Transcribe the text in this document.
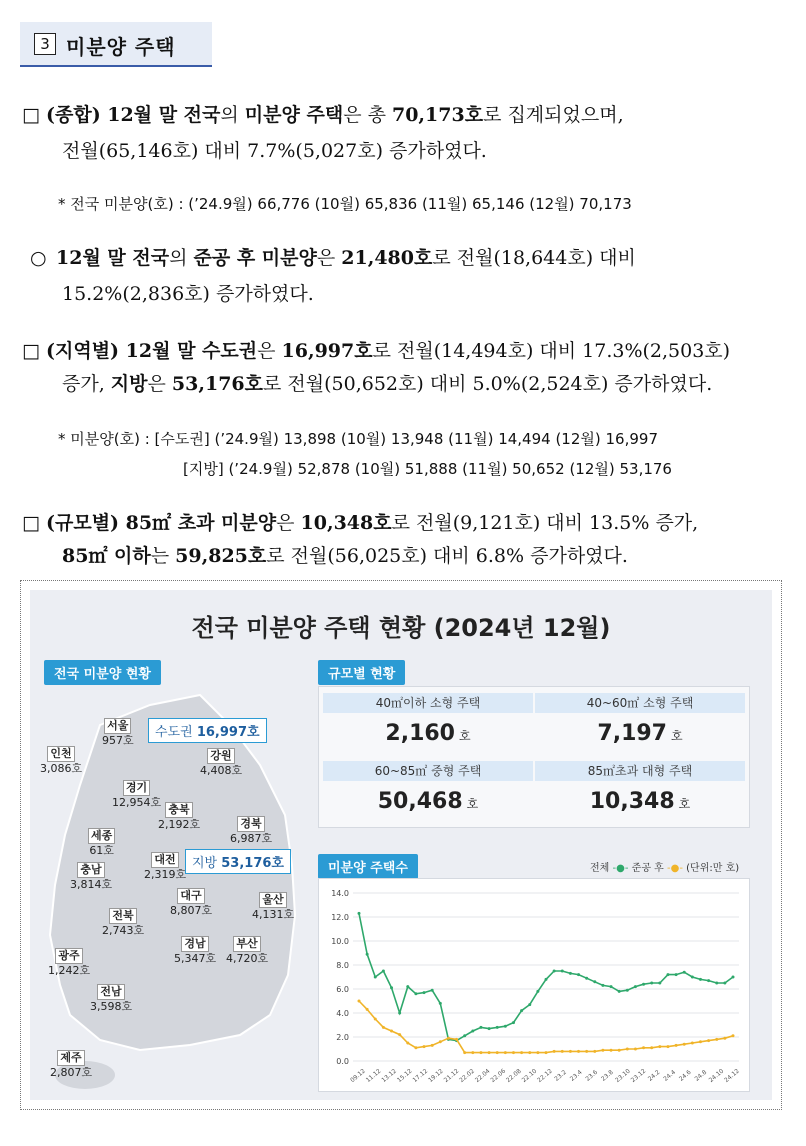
3 미분양 주택
□ (종합) 12월 말 전국의 미분양 주택은 총 70,173호로 집계되었으며,
전월(65,146호) 대비 7.7%(5,027호) 증가하였다.
* 전국 미분양(호) : (’24.9월) 66,776 (10월) 65,836 (11월) 65,146 (12월) 70,173
○ 12월 말 전국의 준공 후 미분양은 21,480호로 전월(18,644호) 대비
15.2%(2,836호) 증가하였다.
□ (지역별) 12월 말 수도권은 16,997호로 전월(14,494호) 대비 17.3%(2,503호)
증가, 지방은 53,176호로 전월(50,652호) 대비 5.0%(2,524호) 증가하였다.
* 미분양(호) : [수도권] (’24.9월) 13,898 (10월) 13,948 (11월) 14,494 (12월) 16,997
[지방] (’24.9월) 52,878 (10월) 51,888 (11월) 50,652 (12월) 53,176
□ (규모별) 85㎡ 초과 미분양은 10,348호로 전월(9,121호) 대비 13.5% 증가,
85㎡ 이하는 59,825호로 전월(56,025호) 대비 6.8% 증가하였다.
전국 미분양 주택 현황 (2024년 12월)
전국 미분양 현황
수도권 16,997호
지방 53,176호
서울
957호
인천
3,086호
강원
4,408호
경기
12,954호
충북
2,192호	경북
6,987호
세종
61호
대전
2,319호
충남
3,814호
대구
8,807호
울산
4,131호
전북
2,743호
경남
5,347호
부산
4,720호
광주
1,242호
전남
3,598호
제주
2,807호
규모별 현황
40㎡이하 소형 주택
2,160 호
40~60㎡ 소형 주택
7,197 호
60~85㎡ 중형 주택
50,468 호
85㎡초과 대형 주택
10,348 호
미분양 주택수	전체 -●- 준공 후 -●- (단위:만 호)
0.0
2.0
4.0
6.0
8.0
10.0
12.0
14.0
09.12
11.12
13.12
15.12
17.12
19.12
21.12
22.02
22.04
22.06
22.08
22.10
22.12 23.2 23.4 23.6 23.8 23.10
23.12 24.2 24.4 24.6 24.8 24.10
24.12
